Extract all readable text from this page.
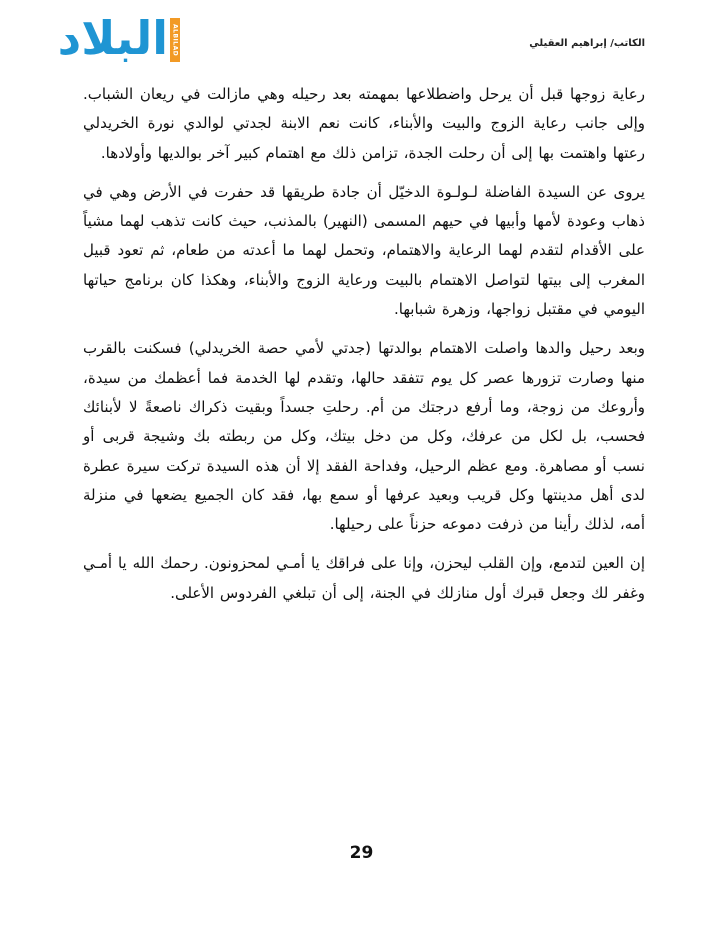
البلاد ALBILAD	الكاتب/ إبراهيم العقيلي

رعاية زوجها قبل أن يرحل واضطلاعها بمهمته بعد رحيله وهي مازالت في ريعان الشباب. وإلى جانب رعاية الزوج والبيت والأبناء، كانت نعم الابنة لجدتي لوالدي نورة الخريدلي رعتها واهتمت بها إلى أن رحلت الجدة، تزامن ذلك مع اهتمام كبير آخر بوالديها وأولادها.

يروى عن السيدة الفاضلة لـولـوة الدخيّل أن جادة طريقها قد حفرت في الأرض وهي في ذهاب وعودة لأمها وأبيها في حيهم المسمى (النهير) بالمذنب، حيث كانت تذهب لهما مشياً على الأقدام لتقدم لهما الرعاية والاهتمام، وتحمل لهما ما أعدته من طعام، ثم تعود قبيل المغرب إلى بيتها لتواصل الاهتمام بالبيت ورعاية الزوج والأبناء، وهكذا كان برنامج حياتها اليومي في مقتبل زواجها، وزهرة شبابها.

وبعد رحيل والدها واصلت الاهتمام بوالدتها (جدتي لأمي حصة الخريدلي) فسكنت بالقرب منها وصارت تزورها عصر كل يوم تتفقد حالها، وتقدم لها الخدمة فما أعظمك من سيدة، وأروعك من زوجة، وما أرفع درجتك من أم. رحلتِ جسداً وبقيت ذكراك ناصعةً لا لأبنائك فحسب، بل لكل من عرفك، وكل من دخل بيتك، وكل من ربطته بك وشيجة قربى أو نسب أو مصاهرة. ومع عظم الرحيل، وفداحة الفقد إلا أن هذه السيدة تركت سيرة عطرة لدى أهل مدينتها وكل قريب وبعيد عرفها أو سمع بها، فقد كان الجميع يضعها في منزلة أمه، لذلك رأينا من ذرفت دموعه حزناً على رحيلها.

إن العين لتدمع، وإن القلب ليحزن، وإنا على فراقك يا أمـي لمحزونون. رحمك الله يا أمـي وغفر لك وجعل قبرك أول منازلك في الجنة، إلى أن تبلغي الفردوس الأعلى.

29
